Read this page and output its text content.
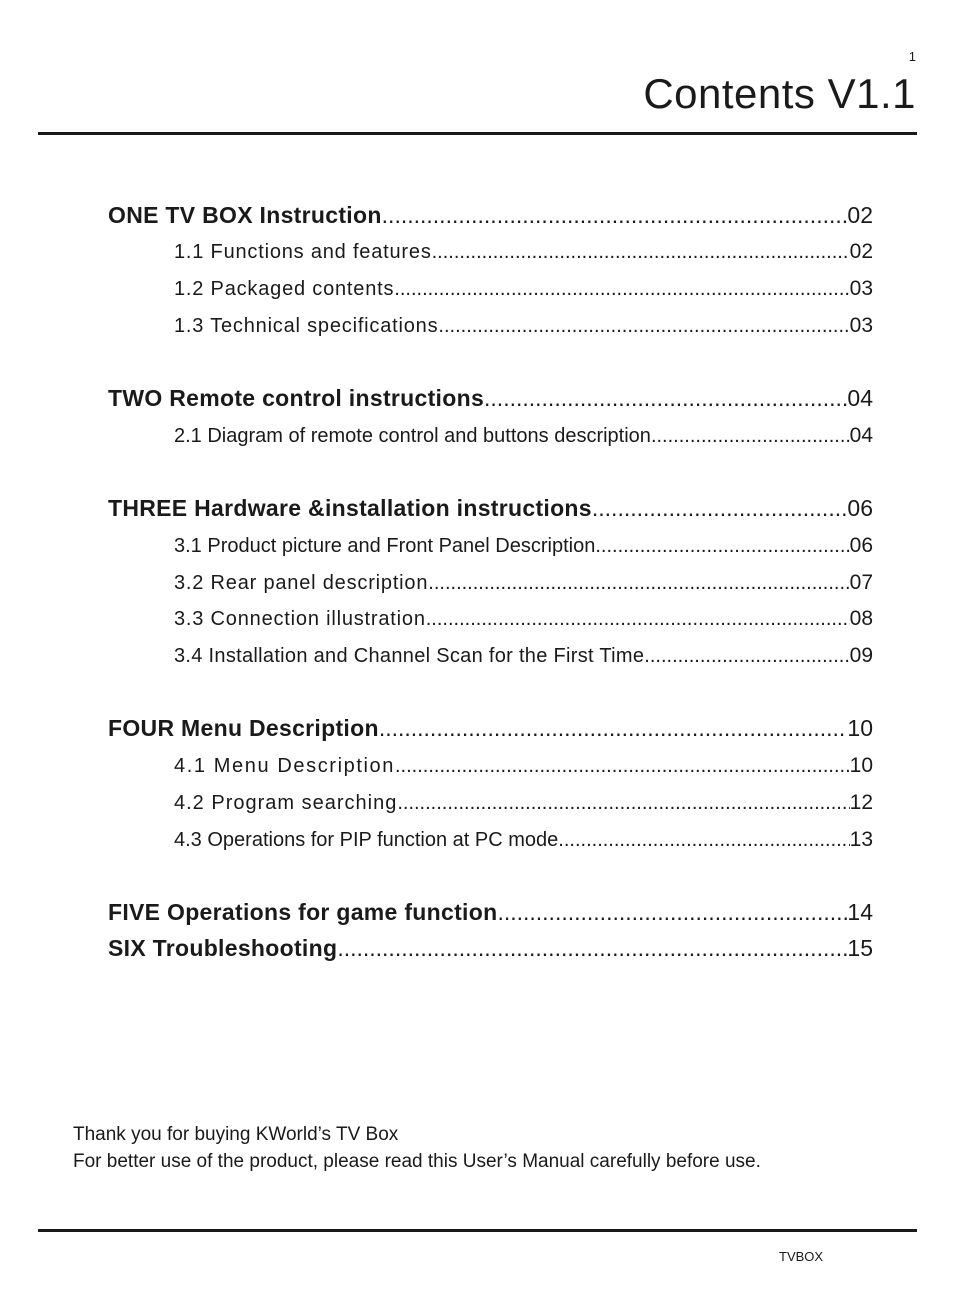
1
Contents V1.1
ONE TV BOX Instruction .....	02
1.1 Functions and features .....	02
1.2 Packaged contents .....	03
1.3 Technical specifications .....	03
TWO Remote control instructions .....	04
2.1 Diagram of remote control and buttons description .....	04
THREE Hardware &installation instructions .....	06
3.1 Product picture and Front Panel Description .....	06
3.2 Rear panel description .....	07
3.3 Connection illustration .....	08
3.4 Installation and Channel Scan for the First Time .....	09
FOUR Menu Description .....	10
4.1 Menu Description .....	10
4.2 Program searching .....	12
4.3 Operations for PIP function at PC mode .....	13
FIVE Operations for game function .....	14
SIX Troubleshooting .....	15
Thank you for buying KWorld’s TV Box
For better use of the product, please read this User’s Manual carefully before use.
TVBOX
